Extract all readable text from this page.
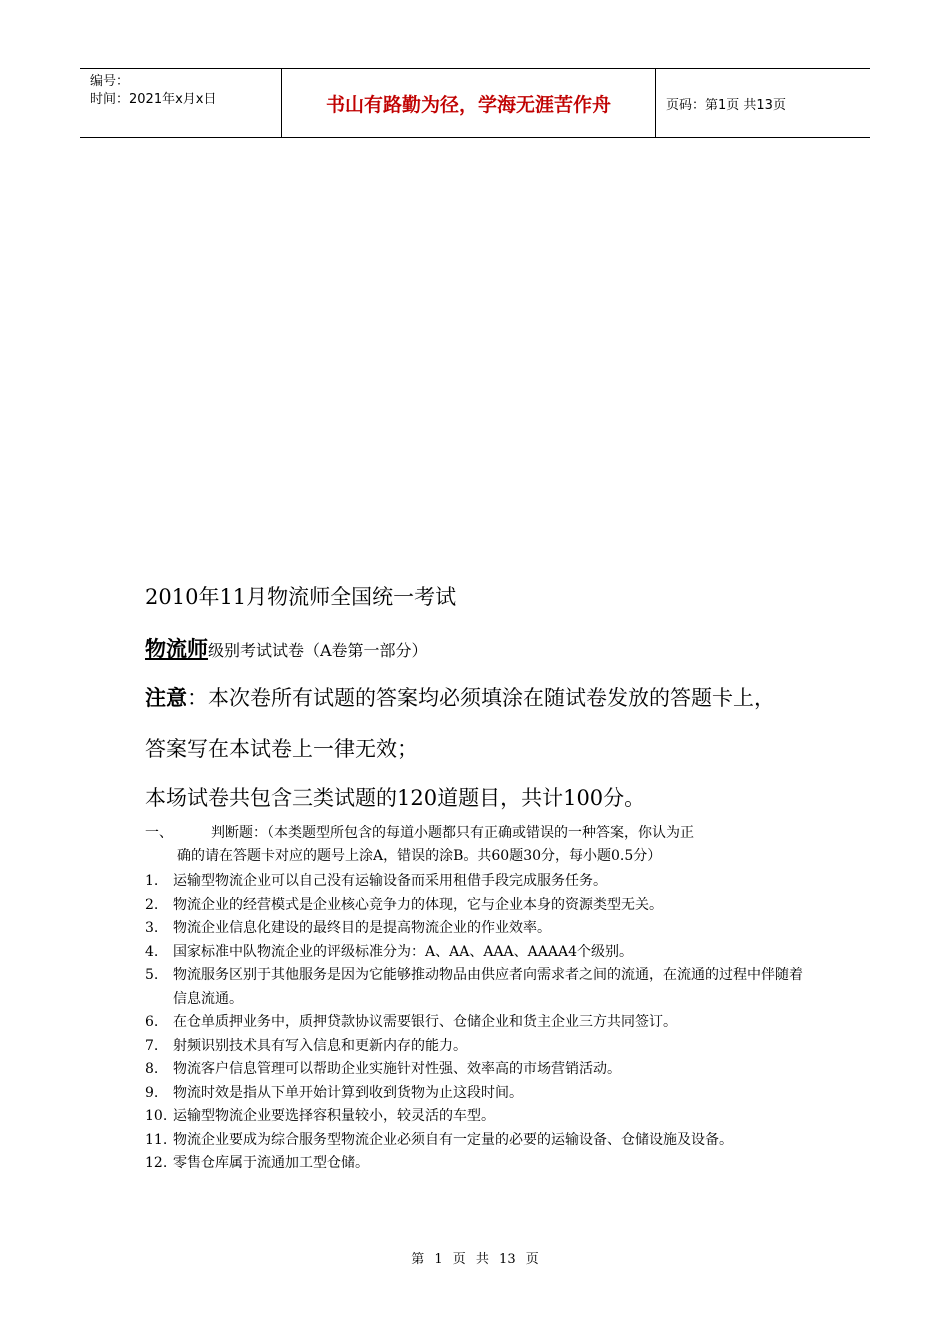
编号：
时间：2021年x月x日	书山有路勤为径，学海无涯苦作舟	页码：第1页 共13页
2010年11月物流师全国统一考试
物流师级别考试试卷（A卷第一部分）
注意：本次卷所有试题的答案均必须填涂在随试卷发放的答题卡上，
答案写在本试卷上一律无效；
本场试卷共包含三类试题的120道题目，共计100分。
一、	判断题：（本类题型所包含的每道小题都只有正确或错误的一种答案，你认为正
确的请在答题卡对应的题号上涂A，错误的涂B。共60题30分，每小题0.5分）
1.	运输型物流企业可以自己没有运输设备而采用租借手段完成服务任务。
2.	物流企业的经营模式是企业核心竞争力的体现，它与企业本身的资源类型无关。
3.	物流企业信息化建设的最终目的是提高物流企业的作业效率。
4.	国家标准中队物流企业的评级标准分为：A、AA、AAA、AAAA4个级别。
5.	物流服务区别于其他服务是因为它能够推动物品由供应者向需求者之间的流通，在流通的过程中伴随着信息流通。
6.	在仓单质押业务中，质押贷款协议需要银行、仓储企业和货主企业三方共同签订。
7.	射频识别技术具有写入信息和更新内存的能力。
8.	物流客户信息管理可以帮助企业实施针对性强、效率高的市场营销活动。
9.	物流时效是指从下单开始计算到收到货物为止这段时间。
10. 运输型物流企业要选择容积量较小，较灵活的车型。
11. 物流企业要成为综合服务型物流企业必须自有一定量的必要的运输设备、仓储设施及设备。
12. 零售仓库属于流通加工型仓储。
第 1 页 共 13 页
